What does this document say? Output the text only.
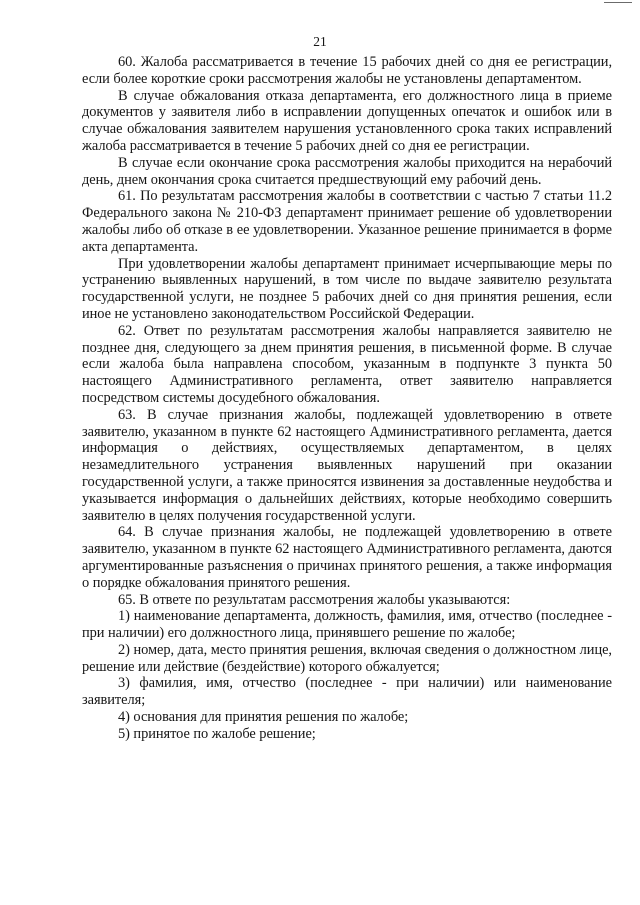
21

60. Жалоба рассматривается в течение 15 рабочих дней со дня ее регистрации, если более короткие сроки рассмотрения жалобы не установлены департаментом.

В случае обжалования отказа департамента, его должностного лица в приеме документов у заявителя либо в исправлении допущенных опечаток и ошибок или в случае обжалования заявителем нарушения установленного срока таких исправлений жалоба рассматривается в течение 5 рабочих дней со дня ее регистрации.

В случае если окончание срока рассмотрения жалобы приходится на нерабочий день, днем окончания срока считается предшествующий ему рабочий день.

61. По результатам рассмотрения жалобы в соответствии с частью 7 статьи 11.2 Федерального закона № 210-ФЗ департамент принимает решение об удовлетворении жалобы либо об отказе в ее удовлетворении. Указанное решение принимается в форме акта департамента.

При удовлетворении жалобы департамент принимает исчерпывающие меры по устранению выявленных нарушений, в том числе по выдаче заявителю результата государственной услуги, не позднее 5 рабочих дней со дня принятия решения, если иное не установлено законодательством Российской Федерации.

62. Ответ по результатам рассмотрения жалобы направляется заявителю не позднее дня, следующего за днем принятия решения, в письменной форме. В случае если жалоба была направлена способом, указанным в подпункте 3 пункта 50 настоящего Административного регламента, ответ заявителю направляется посредством системы досудебного обжалования.

63. В случае признания жалобы, подлежащей удовлетворению в ответе заявителю, указанном в пункте 62 настоящего Административного регламента, дается информация о действиях, осуществляемых департаментом, в целях незамедлительного устранения выявленных нарушений при оказании государственной услуги, а также приносятся извинения за доставленные неудобства и указывается информация о дальнейших действиях, которые необходимо совершить заявителю в целях получения государственной услуги.

64. В случае признания жалобы, не подлежащей удовлетворению в ответе заявителю, указанном в пункте 62 настоящего Административного регламента, даются аргументированные разъяснения о причинах принятого решения, а также информация о порядке обжалования принятого решения.

65. В ответе по результатам рассмотрения жалобы указываются:

1) наименование департамента, должность, фамилия, имя, отчество (последнее - при наличии) его должностного лица, принявшего решение по жалобе;

2) номер, дата, место принятия решения, включая сведения о должностном лице, решение или действие (бездействие) которого обжалуется;

3) фамилия, имя, отчество (последнее - при наличии) или наименование заявителя;

4) основания для принятия решения по жалобе;

5) принятое по жалобе решение;
